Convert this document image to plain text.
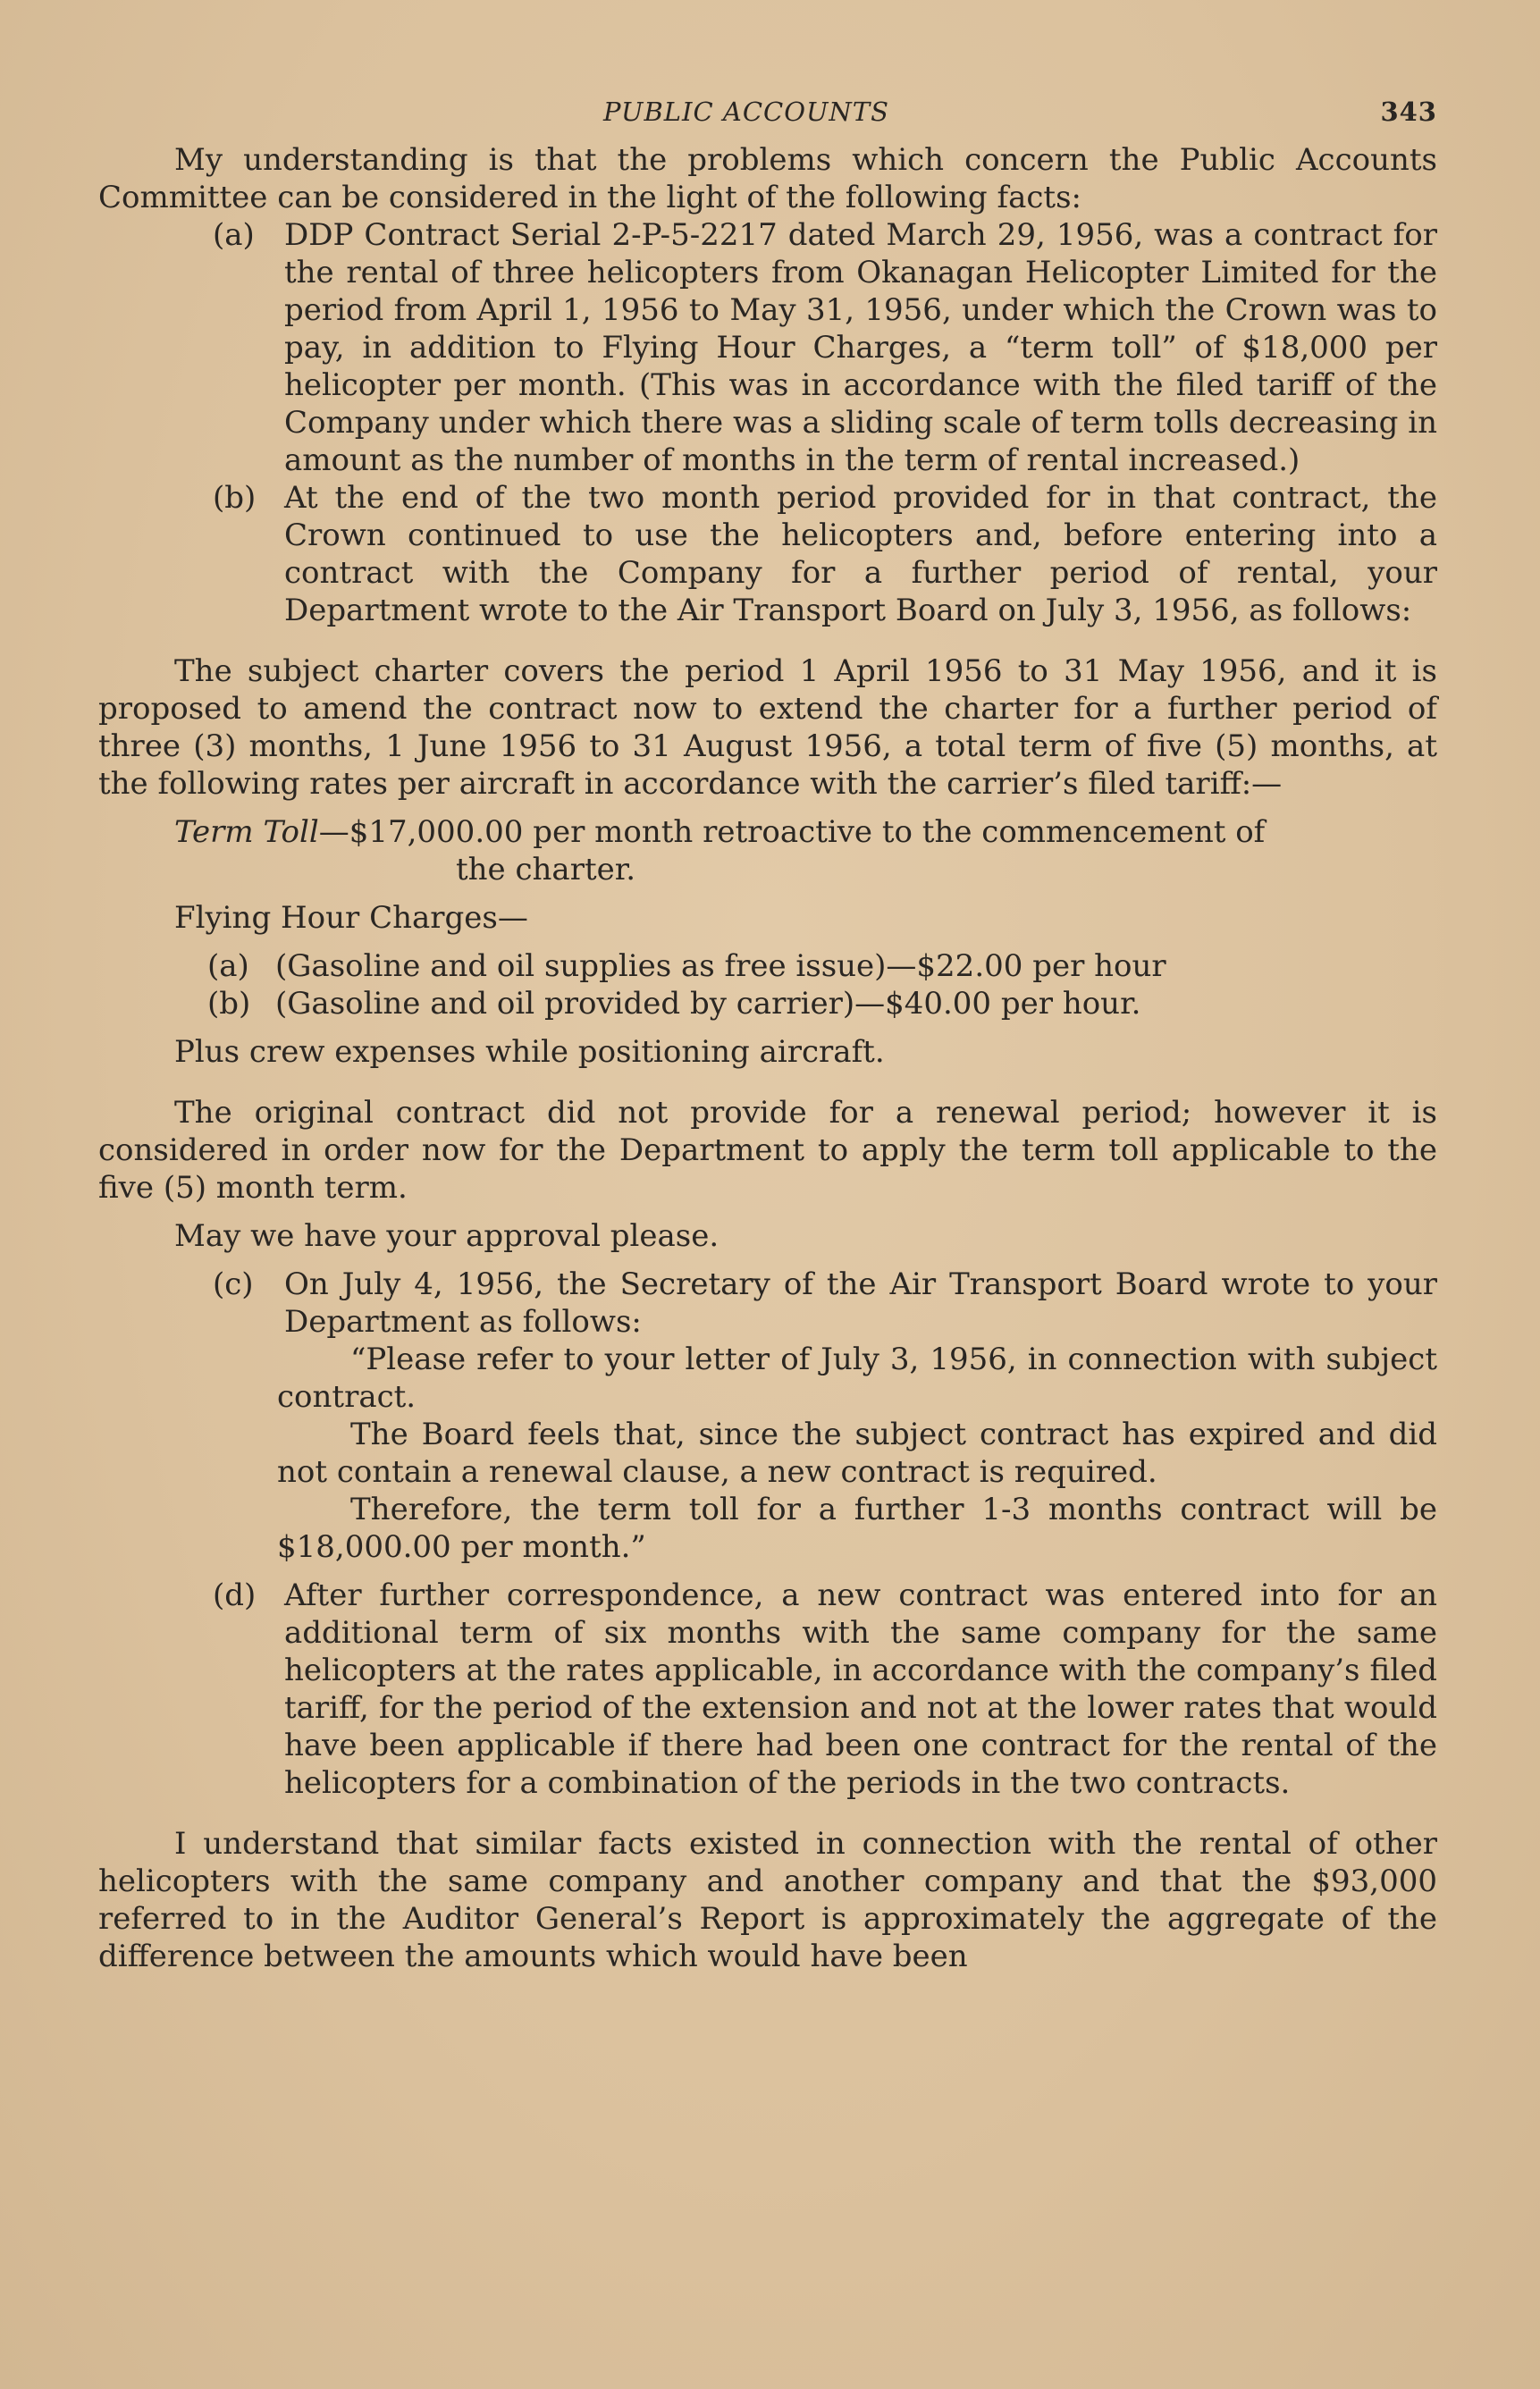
PUBLIC ACCOUNTS	343

My understanding is that the problems which concern the Public Accounts Committee can be considered in the light of the following facts:

(a) DDP Contract Serial 2-P-5-2217 dated March 29, 1956, was a contract for the rental of three helicopters from Okanagan Helicopter Limited for the period from April 1, 1956 to May 31, 1956, under which the Crown was to pay, in addition to Flying Hour Charges, a “term toll” of $18,000 per helicopter per month. (This was in accordance with the filed tariff of the Company under which there was a sliding scale of term tolls decreasing in amount as the number of months in the term of rental increased.)
(b) At the end of the two month period provided for in that contract, the Crown continued to use the helicopters and, before entering into a contract with the Company for a further period of rental, your Department wrote to the Air Transport Board on July 3, 1956, as follows:

The subject charter covers the period 1 April 1956 to 31 May 1956, and it is proposed to amend the contract now to extend the charter for a further period of three (3) months, 1 June 1956 to 31 August 1956, a total term of five (5) months, at the following rates per aircraft in accordance with the carrier’s filed tariff:—

Term Toll—$17,000.00 per month retroactive to the commencement of
the charter.

Flying Hour Charges—

(a) (Gasoline and oil supplies as free issue)—$22.00 per hour
(b) (Gasoline and oil provided by carrier)—$40.00 per hour.

Plus crew expenses while positioning aircraft.

The original contract did not provide for a renewal period; however it is considered in order now for the Department to apply the term toll applicable to the five (5) month term.

May we have your approval please.

(c) On July 4, 1956, the Secretary of the Air Transport Board wrote to your Department as follows:

“Please refer to your letter of July 3, 1956, in connection with subject contract.

The Board feels that, since the subject contract has expired and did not contain a renewal clause, a new contract is required.

Therefore, the term toll for a further 1-3 months contract will be $18,000.00 per month.”

(d) After further correspondence, a new contract was entered into for an additional term of six months with the same company for the same helicopters at the rates applicable, in accordance with the company’s filed tariff, for the period of the extension and not at the lower rates that would have been applicable if there had been one contract for the rental of the helicopters for a combination of the periods in the two contracts.

I understand that similar facts existed in connection with the rental of other helicopters with the same company and another company and that the $93,000 referred to in the Auditor General’s Report is approximately the aggregate of the difference between the amounts which would have been
